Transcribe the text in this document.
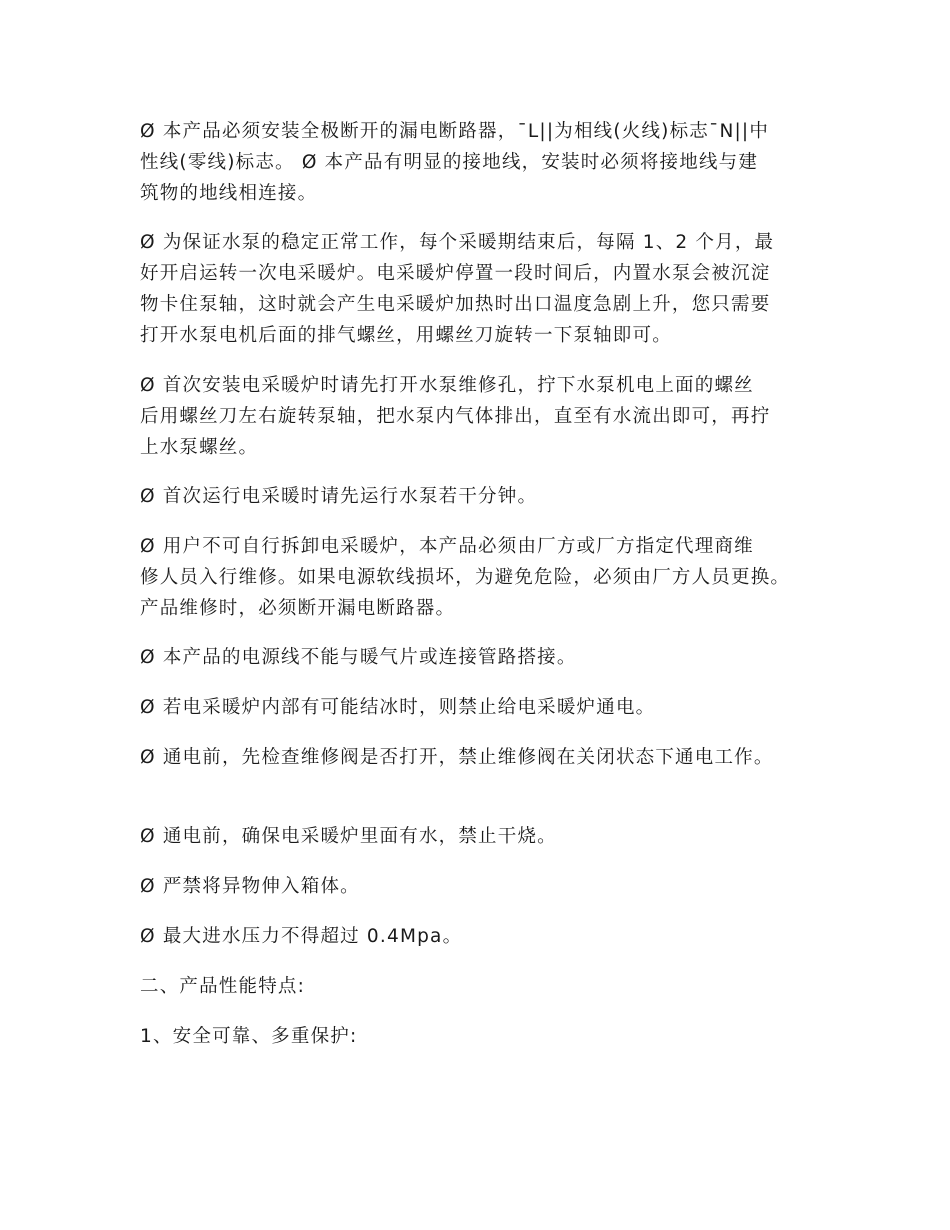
Ø 本产品必须安装全极断开的漏电断路器，¯L||为相线(火线)标志¯N||中
性线(零线)标志。 Ø 本产品有明显的接地线，安装时必须将接地线与建
筑物的地线相连接。
Ø 为保证水泵的稳定正常工作，每个采暖期结束后，每隔 1、2 个月，最
好开启运转一次电采暖炉。电采暖炉停置一段时间后，内置水泵会被沉淀
物卡住泵轴，这时就会产生电采暖炉加热时出口温度急剧上升，您只需要
打开水泵电机后面的排气螺丝，用螺丝刀旋转一下泵轴即可。
Ø 首次安装电采暖炉时请先打开水泵维修孔，拧下水泵机电上面的螺丝
后用螺丝刀左右旋转泵轴，把水泵内气体排出，直至有水流出即可，再拧
上水泵螺丝。
Ø 首次运行电采暖时请先运行水泵若干分钟。
Ø 用户不可自行拆卸电采暖炉，本产品必须由厂方或厂方指定代理商维
修人员入行维修。如果电源软线损坏，为避免危险，必须由厂方人员更换。
产品维修时，必须断开漏电断路器。
Ø 本产品的电源线不能与暖气片或连接管路搭接。
Ø 若电采暖炉内部有可能结冰时，则禁止给电采暖炉通电。
Ø 通电前，先检查维修阀是否打开，禁止维修阀在关闭状态下通电工作。
Ø 通电前，确保电采暖炉里面有水，禁止干烧。
Ø 严禁将异物伸入箱体。
Ø 最大进水压力不得超过 0.4Mpa。
二、产品性能特点:
1、安全可靠、多重保护:
